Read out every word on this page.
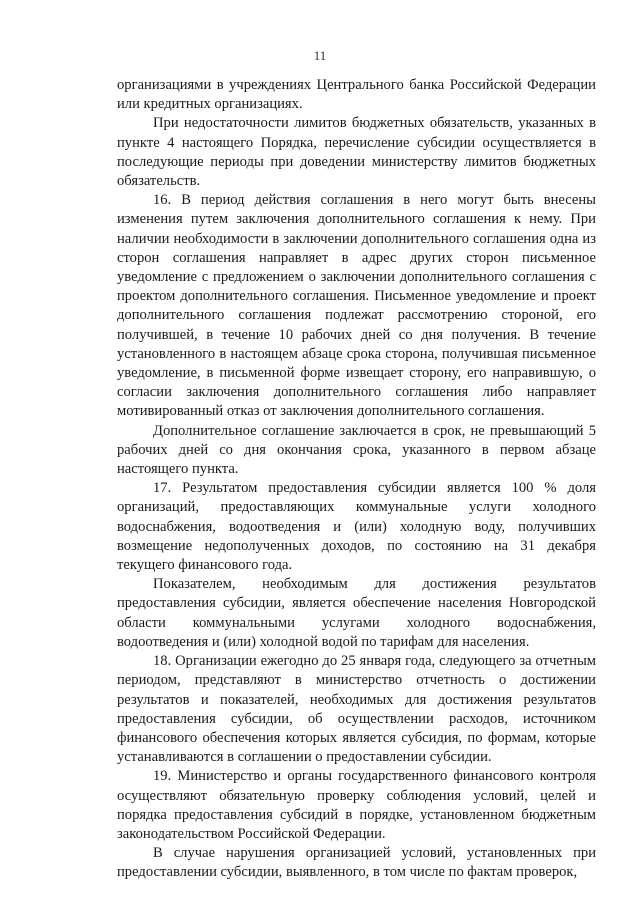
11

организациями в учреждениях Центрального банка Российской Федерации или кредитных организациях.

При недостаточности лимитов бюджетных обязательств, указанных в пункте 4 настоящего Порядка, перечисление субсидии осуществляется в последующие периоды при доведении министерству лимитов бюджетных обязательств.

16. В период действия соглашения в него могут быть внесены изменения путем заключения дополнительного соглашения к нему. При наличии необходимости в заключении дополнительного соглашения одна из сторон соглашения направляет в адрес других сторон письменное уведомление с предложением о заключении дополнительного соглашения с проектом дополнительного соглашения. Письменное уведомление и проект дополнительного соглашения подлежат рассмотрению стороной, его получившей, в течение 10 рабочих дней со дня получения. В течение установленного в настоящем абзаце срока сторона, получившая письменное уведомление, в письменной форме извещает сторону, его направившую, о согласии заключения дополнительного соглашения либо направляет мотивированный отказ от заключения дополнительного соглашения.

Дополнительное соглашение заключается в срок, не превышающий 5 рабочих дней со дня окончания срока, указанного в первом абзаце настоящего пункта.

17. Результатом предоставления субсидии является 100 % доля организаций, предоставляющих коммунальные услуги холодного водоснабжения, водоотведения и (или) холодную воду, получивших возмещение недополученных доходов, по состоянию на 31 декабря текущего финансового года.

Показателем, необходимым для достижения результатов предоставления субсидии, является обеспечение населения Новгородской области коммунальными услугами холодного водоснабжения, водоотведения и (или) холодной водой по тарифам для населения.

18. Организации ежегодно до 25 января года, следующего за отчетным периодом, представляют в министерство отчетность о достижении результатов и показателей, необходимых для достижения результатов предоставления субсидии, об осуществлении расходов, источником финансового обеспечения которых является субсидия, по формам, которые устанавливаются в соглашении о предоставлении субсидии.

19. Министерство и органы государственного финансового контроля осуществляют обязательную проверку соблюдения условий, целей и порядка предоставления субсидий в порядке, установленном бюджетным законодательством Российской Федерации.

В случае нарушения организацией условий, установленных при предоставлении субсидии, выявленного, в том числе по фактам проверок,
